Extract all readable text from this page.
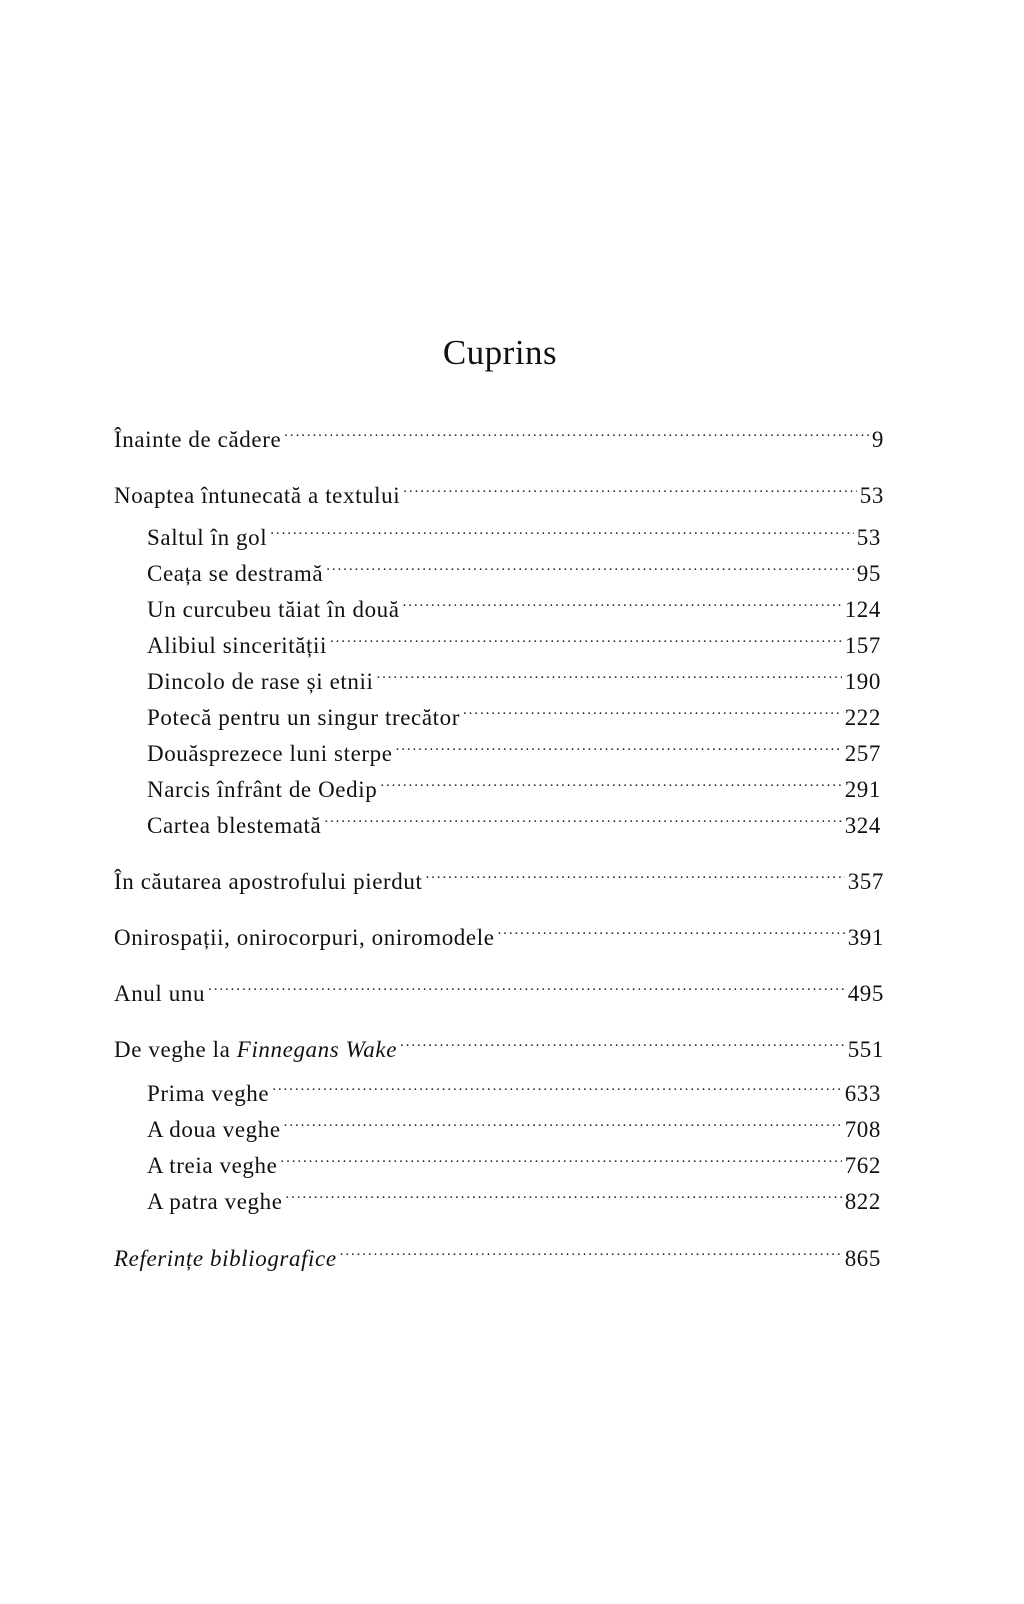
Cuprins
Înainte de cădere .....	9
Noaptea întunecată a textului .....	53
Saltul în gol .....	53
Ceața se destramă .....	95
Un curcubeu tăiat în două .....	124
Alibiul sincerității .....	157
Dincolo de rase și etnii .....	190
Potecă pentru un singur trecător .....	222
Douăsprezece luni sterpe .....	257
Narcis înfrânt de Oedip .....	291
Cartea blestemată .....	324
În căutarea apostrofului pierdut .....	357
Onirospații, onirocorpuri, oniromodele .....	391
Anul unu .....	495
De veghe la Finnegans Wake .....	551
Prima veghe .....	633
A doua veghe .....	708
A treia veghe .....	762
A patra veghe .....	822
Referințe bibliografice .....	865
